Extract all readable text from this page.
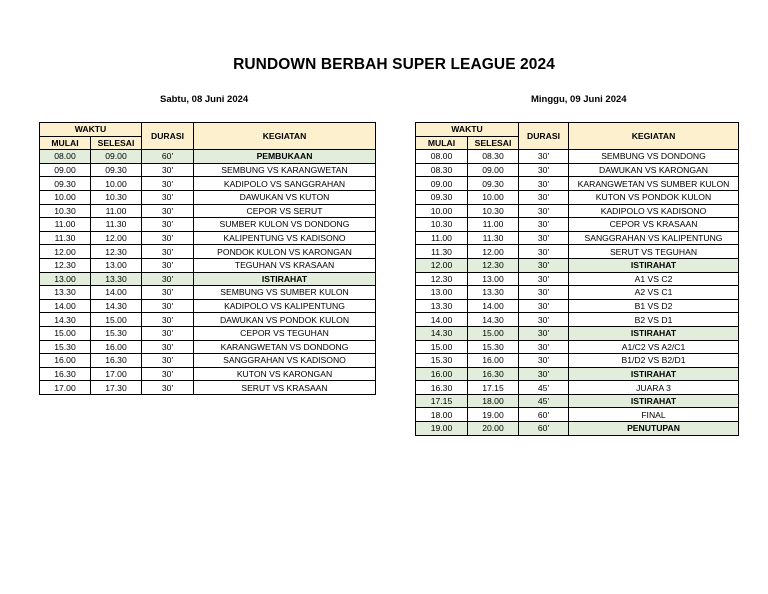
RUNDOWN BERBAH SUPER LEAGUE 2024
Sabtu, 08 Juni 2024	Minggu, 09 Juni 2024
WAKTU		DURASI	KEGIATAN
MULAI	SELESAI		
08.00	09.00	60'	PEMBUKAAN
09.00	09.30	30'	SEMBUNG VS KARANGWETAN
09.30	10.00	30'	KADIPOLO VS SANGGRAHAN
10.00	10.30	30'	DAWUKAN VS KUTON
10.30	11.00	30'	CEPOR VS SERUT
11.00	11.30	30'	SUMBER KULON VS DONDONG
11.30	12.00	30'	KALIPENTUNG VS KADISONO
12.00	12.30	30'	PONDOK KULON VS KARONGAN
12.30	13.00	30'	TEGUHAN VS KRASAAN
13.00	13.30	30'	ISTIRAHAT
13.30	14.00	30'	SEMBUNG VS SUMBER KULON
14.00	14.30	30'	KADIPOLO VS KALIPENTUNG
14.30	15.00	30'	DAWUKAN VS PONDOK KULON
15.00	15.30	30'	CEPOR VS TEGUHAN
15.30	16.00	30'	KARANGWETAN VS DONDONG
16.00	16.30	30'	SANGGRAHAN VS KADISONO
16.30	17.00	30'	KUTON VS KARONGAN
17.00	17.30	30'	SERUT VS KRASAAN
WAKTU		DURASI	KEGIATAN
MULAI	SELESAI		
08.00	08.30	30'	SEMBUNG VS DONDONG
08.30	09.00	30'	DAWUKAN VS KARONGAN
09.00	09.30	30'	KARANGWETAN VS SUMBER KULON
09.30	10.00	30'	KUTON VS PONDOK KULON
10.00	10.30	30'	KADIPOLO VS KADISONO
10.30	11.00	30'	CEPOR VS KRASAAN
11.00	11.30	30'	SANGGRAHAN VS KALIPENTUNG
11.30	12.00	30'	SERUT VS TEGUHAN
12.00	12.30	30'	ISTIRAHAT
12.30	13.00	30'	A1 VS C2
13.00	13.30	30'	A2 VS C1
13.30	14.00	30'	B1 VS D2
14.00	14.30	30'	B2 VS D1
14.30	15.00	30'	ISTIRAHAT
15.00	15.30	30'	A1/C2 VS A2/C1
15.30	16.00	30'	B1/D2 VS B2/D1
16.00	16.30	30'	ISTIRAHAT
16.30	17.15	45'	JUARA 3
17.15	18.00	45'	ISTIRAHAT
18.00	19.00	60'	FINAL
19.00	20.00	60'	PENUTUPAN
